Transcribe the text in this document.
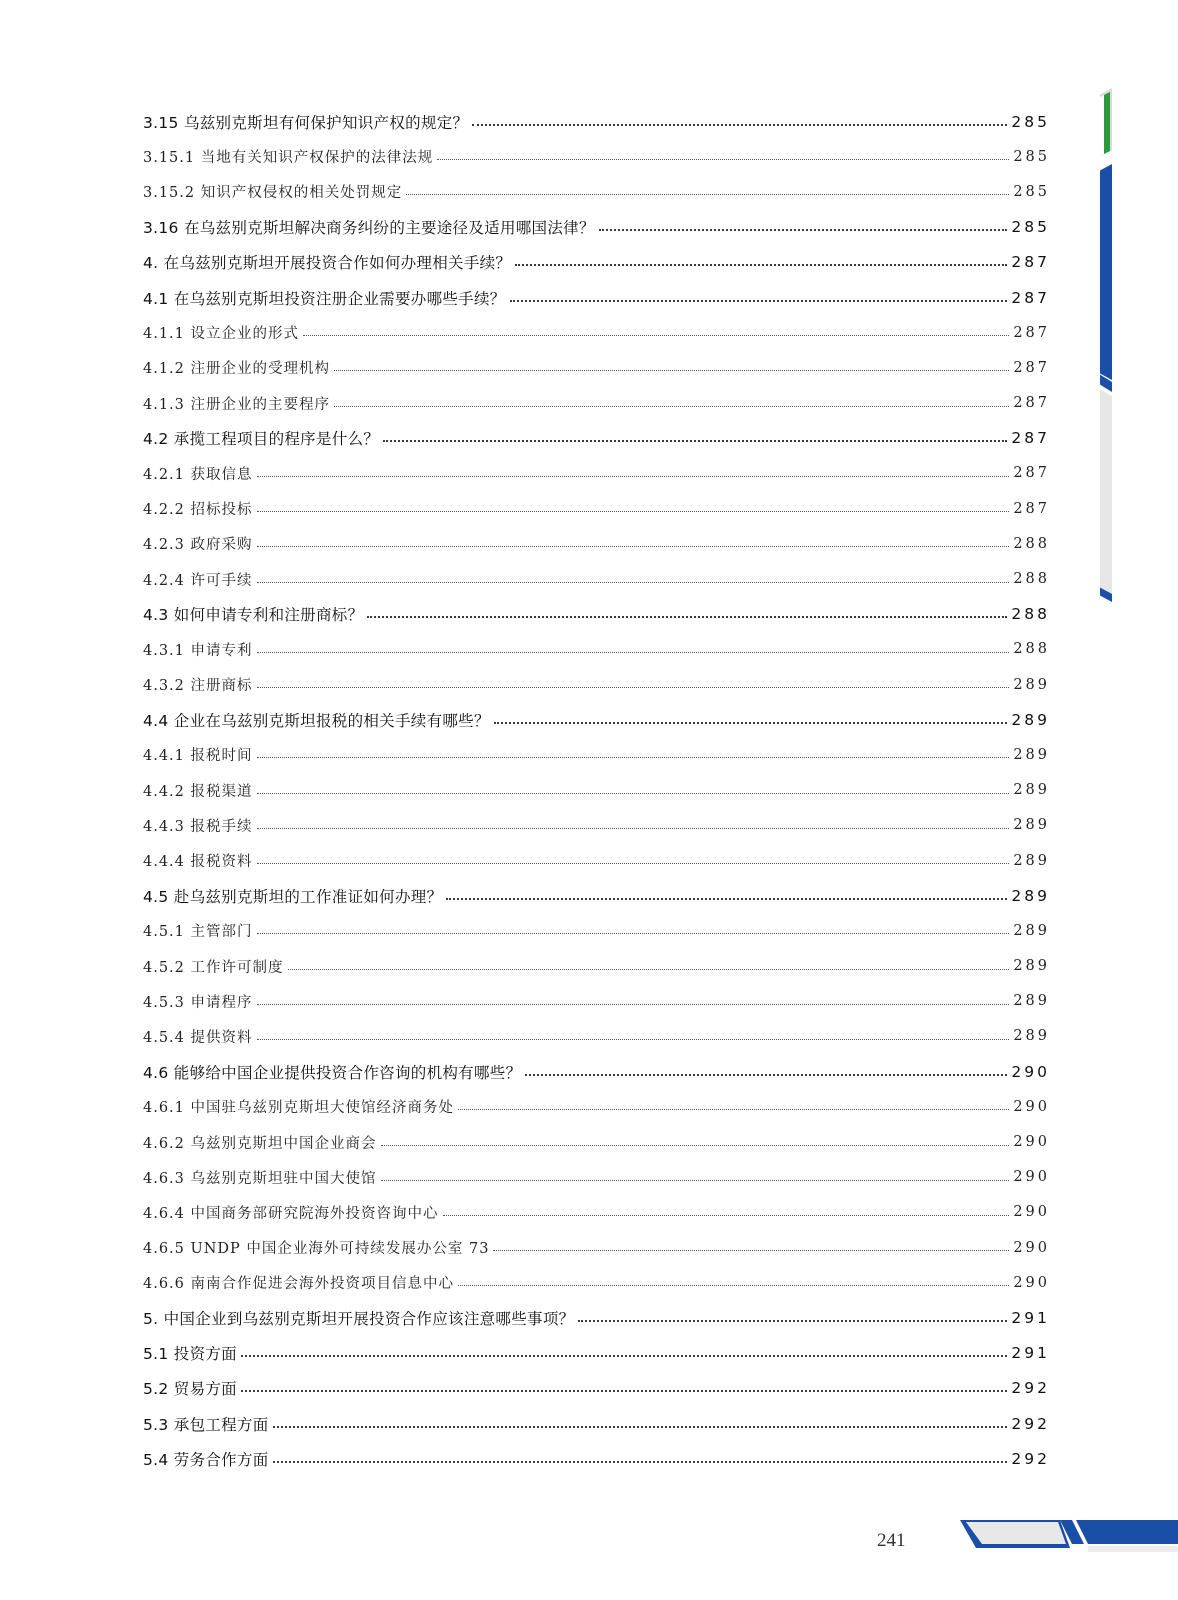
3.15 乌兹别克斯坦有何保护知识产权的规定？	285
3.15.1 当地有关知识产权保护的法律法规	285
3.15.2 知识产权侵权的相关处罚规定	285
3.16 在乌兹别克斯坦解决商务纠纷的主要途径及适用哪国法律？	285
4. 在乌兹别克斯坦开展投资合作如何办理相关手续？	287
4.1 在乌兹别克斯坦投资注册企业需要办哪些手续？	287
4.1.1 设立企业的形式	287
4.1.2 注册企业的受理机构	287
4.1.3 注册企业的主要程序	287
4.2 承揽工程项目的程序是什么？	287
4.2.1 获取信息	287
4.2.2 招标投标	287
4.2.3 政府采购	288
4.2.4 许可手续	288
4.3 如何申请专利和注册商标？	288
4.3.1 申请专利	288
4.3.2 注册商标	289
4.4 企业在乌兹别克斯坦报税的相关手续有哪些？	289
4.4.1 报税时间	289
4.4.2 报税渠道	289
4.4.3 报税手续	289
4.4.4 报税资料	289
4.5 赴乌兹别克斯坦的工作准证如何办理？	289
4.5.1 主管部门	289
4.5.2 工作许可制度	289
4.5.3 申请程序	289
4.5.4 提供资料	289
4.6 能够给中国企业提供投资合作咨询的机构有哪些？	290
4.6.1 中国驻乌兹别克斯坦大使馆经济商务处	290
4.6.2 乌兹别克斯坦中国企业商会	290
4.6.3 乌兹别克斯坦驻中国大使馆	290
4.6.4 中国商务部研究院海外投资咨询中心	290
4.6.5 UNDP 中国企业海外可持续发展办公室 73	290
4.6.6 南南合作促进会海外投资项目信息中心	290
5. 中国企业到乌兹别克斯坦开展投资合作应该注意哪些事项？	291
5.1 投资方面	291
5.2 贸易方面	292
5.3 承包工程方面	292
5.4 劳务合作方面	292
241
